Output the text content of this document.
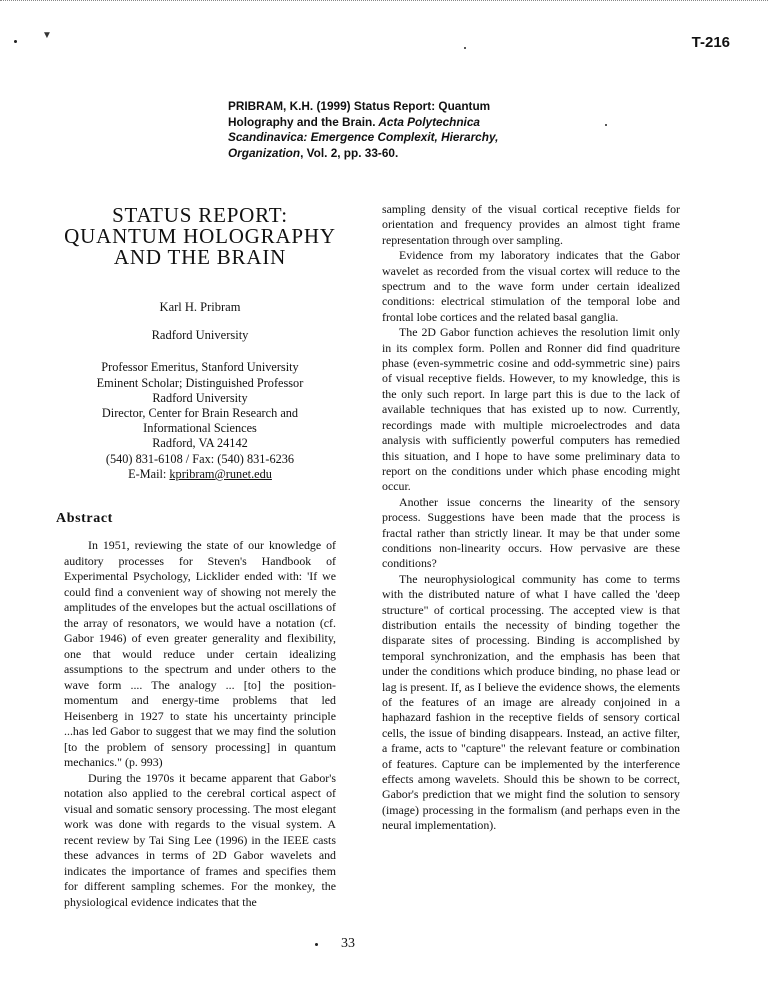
▼	T-216
PRIBRAM, K.H. (1999) Status Report: Quantum
Holography and the Brain. Acta Polytechnica
Scandinavica: Emergence Complexit, Hierarchy,
Organization, Vol. 2, pp. 33-60.
STATUS REPORT:
QUANTUM HOLOGRAPHY
AND THE BRAIN
Karl H. Pribram
Radford University
Professor Emeritus, Stanford University
Eminent Scholar; Distinguished Professor
Radford University
Director, Center for Brain Research and
Informational Sciences
Radford, VA 24142
(540) 831-6108 / Fax: (540) 831-6236
E-Mail: kpribram@runet.edu
Abstract

In 1951, reviewing the state of our knowledge of auditory processes for Steven's Handbook of Experimental Psychology, Licklider ended with: 'If we could find a convenient way of showing not merely the amplitudes of the envelopes but the actual oscillations of the array of resonators, we would have a notation (cf. Gabor 1946) of even greater generality and flexibility, one that would reduce under certain idealizing assumptions to the spectrum and under others to the wave form .... The analogy ... [to] the position-momentum and energy-time problems that led Heisenberg in 1927 to state his uncertainty principle ...has led Gabor to suggest that we may find the solution [to the problem of sensory processing] in quantum mechanics." (p. 993)

During the 1970s it became apparent that Gabor's notation also applied to the cerebral cortical aspect of visual and somatic sensory processing. The most elegant work was done with regards to the visual system. A recent review by Tai Sing Lee (1996) in the IEEE casts these advances in terms of 2D Gabor wavelets and indicates the importance of frames and specifies them for different sampling schemes. For the monkey, the physiological evidence indicates that the

sampling density of the visual cortical receptive fields for orientation and frequency provides an almost tight frame representation through over sampling.

Evidence from my laboratory indicates that the Gabor wavelet as recorded from the visual cortex will reduce to the spectrum and to the wave form under certain idealized conditions: electrical stimulation of the temporal lobe and frontal lobe cortices and the related basal ganglia.

The 2D Gabor function achieves the resolution limit only in its complex form. Pollen and Ronner did find quadriture phase (even-symmetric cosine and odd-symmetric sine) pairs of visual receptive fields. However, to my knowledge, this is the only such report. In large part this is due to the lack of available techniques that has existed up to now. Currently, recordings made with multiple microelectrodes and data analysis with sufficiently powerful computers has remedied this situation, and I hope to have some preliminary data to report on the conditions under which phase encoding might occur.

Another issue concerns the linearity of the sensory process. Suggestions have been made that the process is fractal rather than strictly linear. It may be that under some conditions non-linearity occurs. How pervasive are these conditions?

The neurophysiological community has come to terms with the distributed nature of what I have called the 'deep structure" of cortical processing. The accepted view is that distribution entails the necessity of binding together the disparate sites of processing. Binding is accomplished by temporal synchronization, and the emphasis has been that under the conditions which produce binding, no phase lead or lag is present. If, as I believe the evidence shows, the elements of the features of an image are already conjoined in a haphazard fashion in the receptive fields of sensory cortical cells, the issue of binding disappears. Instead, an active filter, a frame, acts to "capture" the relevant feature or combination of features. Capture can be implemented by the interference effects among wavelets. Should this be shown to be correct, Gabor's prediction that we might find the solution to sensory (image) processing in the formalism (and perhaps even in the neural implementation).

33
